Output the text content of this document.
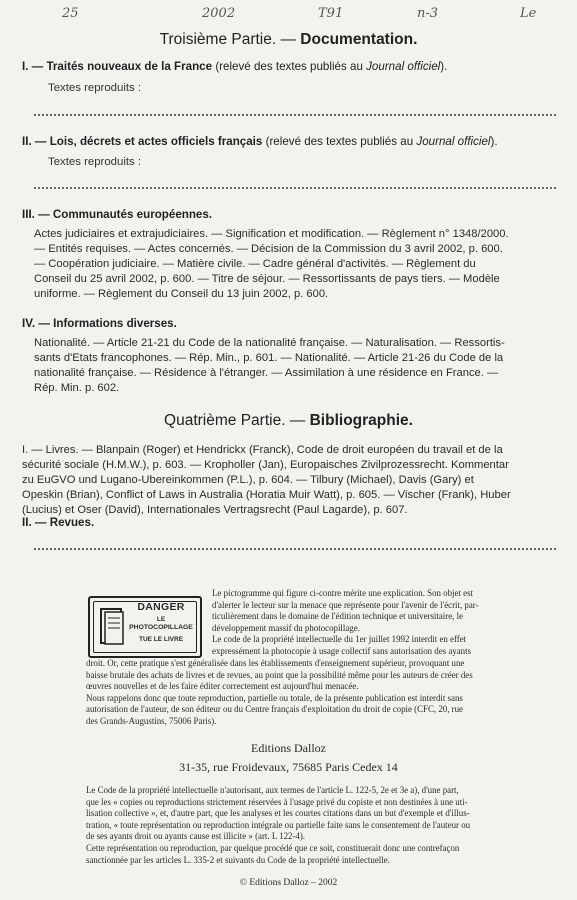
25	2002	T91	n-3	Le
Troisième Partie. — Documentation.
I. — Traités nouveaux de la France (relevé des textes publiés au Journal officiel).
Textes reproduits :
II. — Lois, décrets et actes officiels français (relevé des textes publiés au Journal officiel).
Textes reproduits :
III. — Communautés européennes.
Actes judiciaires et extrajudiciaires. — Signification et modification. — Règlement n° 1348/2000.
— Entités requises. — Actes concernés. — Décision de la Commission du 3 avril 2002, p. 600.
— Coopération judiciaire. — Matière civile. — Cadre général d'activités. — Règlement du
Conseil du 25 avril 2002, p. 600. — Titre de séjour. — Ressortissants de pays tiers. — Modèle
uniforme. — Règlement du Conseil du 13 juin 2002, p. 600.
IV. — Informations diverses.
Nationalité. — Article 21-21 du Code de la nationalité française. — Naturalisation. — Ressortis-
sants d'Etats francophones. — Rép. Min., p. 601. — Nationalité. — Article 21-26 du Code de la
nationalité française. — Résidence à l'étranger. — Assimilation à une résidence en France. —
Rép. Min. p. 602.
Quatrième Partie. — Bibliographie.
I. — Livres. — Blanpain (Roger) et Hendrickx (Franck), Code de droit européen du travail et de la
sécurité sociale (H.M.W.), p. 603. — Kropholler (Jan), Europaisches Zivilprozessrecht. Kommentar
zu EuGVO und Lugano-Ubereinkommen (P.L.), p. 604. — Tilbury (Michael), Davis (Gary) et
Opeskin (Brian), Conflict of Laws in Australia (Horatia Muir Watt), p. 605. — Vischer (Frank), Huber
(Lucius) et Oser (David), Internationales Vertragsrecht (Paul Lagarde), p. 607.
II. — Revues.
DANGER
LE
PHOTOCOPILLAGE
TUE LE LIVRE
Le pictogramme qui figure ci-contre mérite une explication. Son objet est
d'alerter le lecteur sur la menace que représente pour l'avenir de l'écrit, par-
ticulièrement dans le domaine de l'édition technique et universitaire, le
développement massif du photocopillage.
Le code de la propriété intellectuelle du 1er juillet 1992 interdit en effet
expressément la photocopie à usage collectif sans autorisation des ayants
droit. Or, cette pratique s'est généralisée dans les établissements d'enseignement supérieur, provoquant une
baisse brutale des achats de livres et de revues, au point que la possibilité même pour les auteurs de créer des
œuvres nouvelles et de les faire éditer correctement est aujourd'hui menacée.
Nous rappelons donc que toute reproduction, partielle ou totale, de la présente publication est interdit sans
autorisation de l'auteur, de son éditeur ou du Centre français d'exploitation du droit de copie (CFC, 20, rue
des Grands-Augustins, 75006 Paris).
Editions Dalloz
31-35, rue Froidevaux, 75685 Paris Cedex 14
Le Code de la propriété intellectuelle n'autorisant, aux termes de l'article L. 122-5, 2e et 3e a), d'une part,
que les « copies ou reproductions strictement réservées à l'usage privé du copiste et non destinées à une uti-
lisation collective », et, d'autre part, que les analyses et les courtes citations dans un but d'exemple et d'illus-
tration, « toute représentation ou reproduction intégrale ou partielle faite sans le consentement de l'auteur ou
de ses ayants droit ou ayants cause est illicite » (art. L 122-4).
Cette représentation ou reproduction, par quelque procédé que ce soit, constituerait donc une contrefaçon
sanctionnée par les articles L. 335-2 et suivants du Code de la propriété intellectuelle.
© Editions Dalloz – 2002
